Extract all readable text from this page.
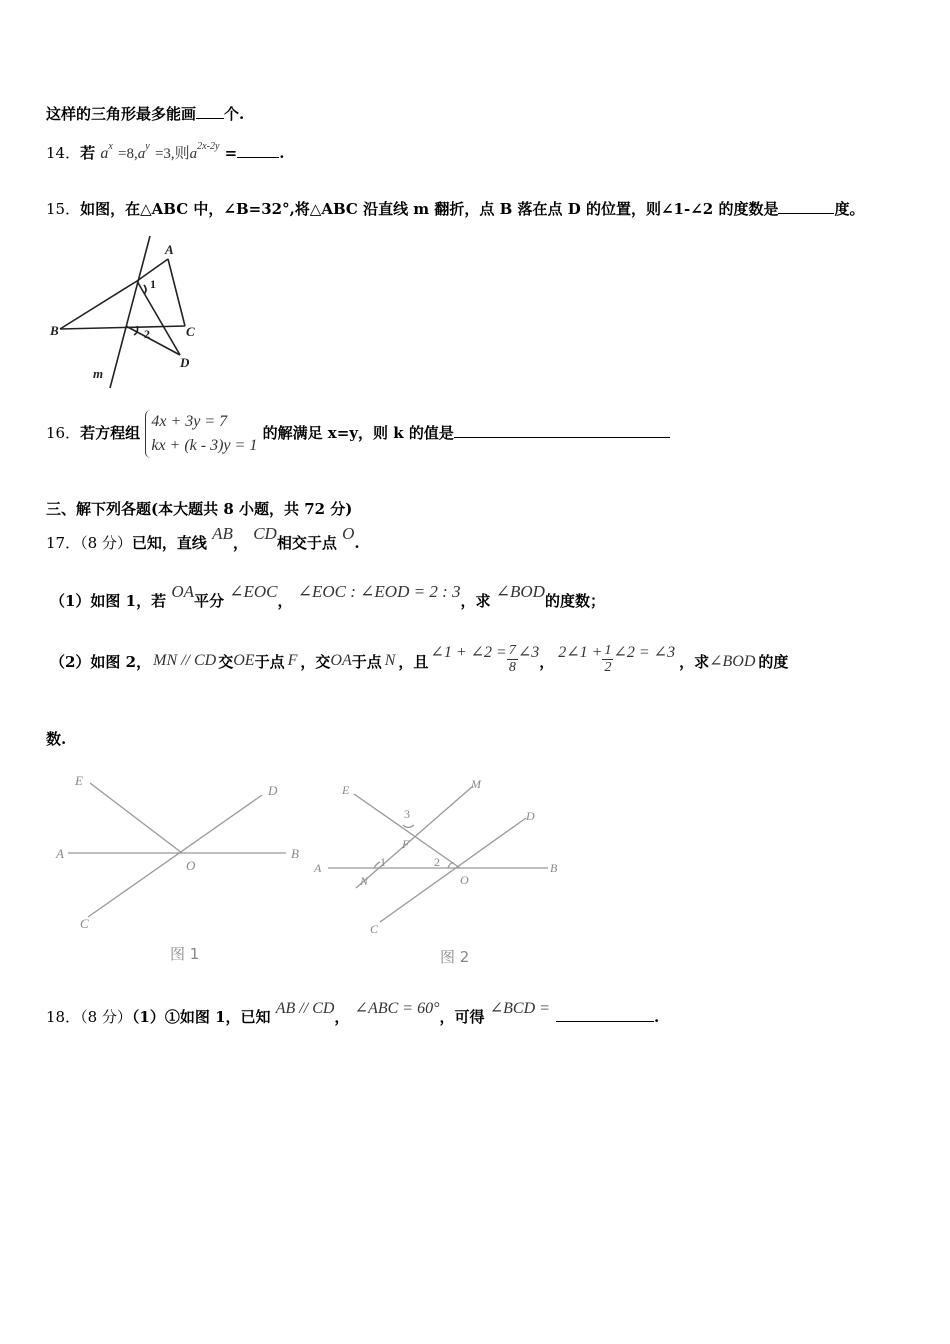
这样的三角形最多能画 个.
14．若 $a^x =8,a^y =3$,则$a^{2x-2y}$ =	.
15．如图，在△ABC 中，∠B=32°,将△ABC 沿直线 m 翻折，点 B 落在点 D 的位置，则∠1-∠2 的度数是	度。
A
B	C
D
m
1
2
16．若方程组
4x + 3y = 7
kx + (k - 3)y = 1
的解满足 x=y，则 k 的值是
三、解下列各题(本大题共 8 小题，共 72 分)
17．（8 分）已知，直线 AB， CD相交于点 O.
（1）如图 1，若 OA平分 ∠EOC， ∠EOC : ∠EOD = 2 : 3，求 ∠BOD的度数；
（2）如图 2， MN // CD 交 OE 于点 F ，交 OA 于点 N ，且 ∠1 + ∠2 = $\frac{7}{8}$ ∠3 ， 2∠1 + $\frac{1}{2}$ ∠2 = ∠3 ，求 ∠BOD 的度
数.
E
D
A	B
O
C
图 1
E	M
D
3
F
A	1	2
N	O
B
C
图 2
18．（8 分）（1）①如图 1，已知 AB // CD， ∠ABC = 60°，可得 ∠BCD =	.
